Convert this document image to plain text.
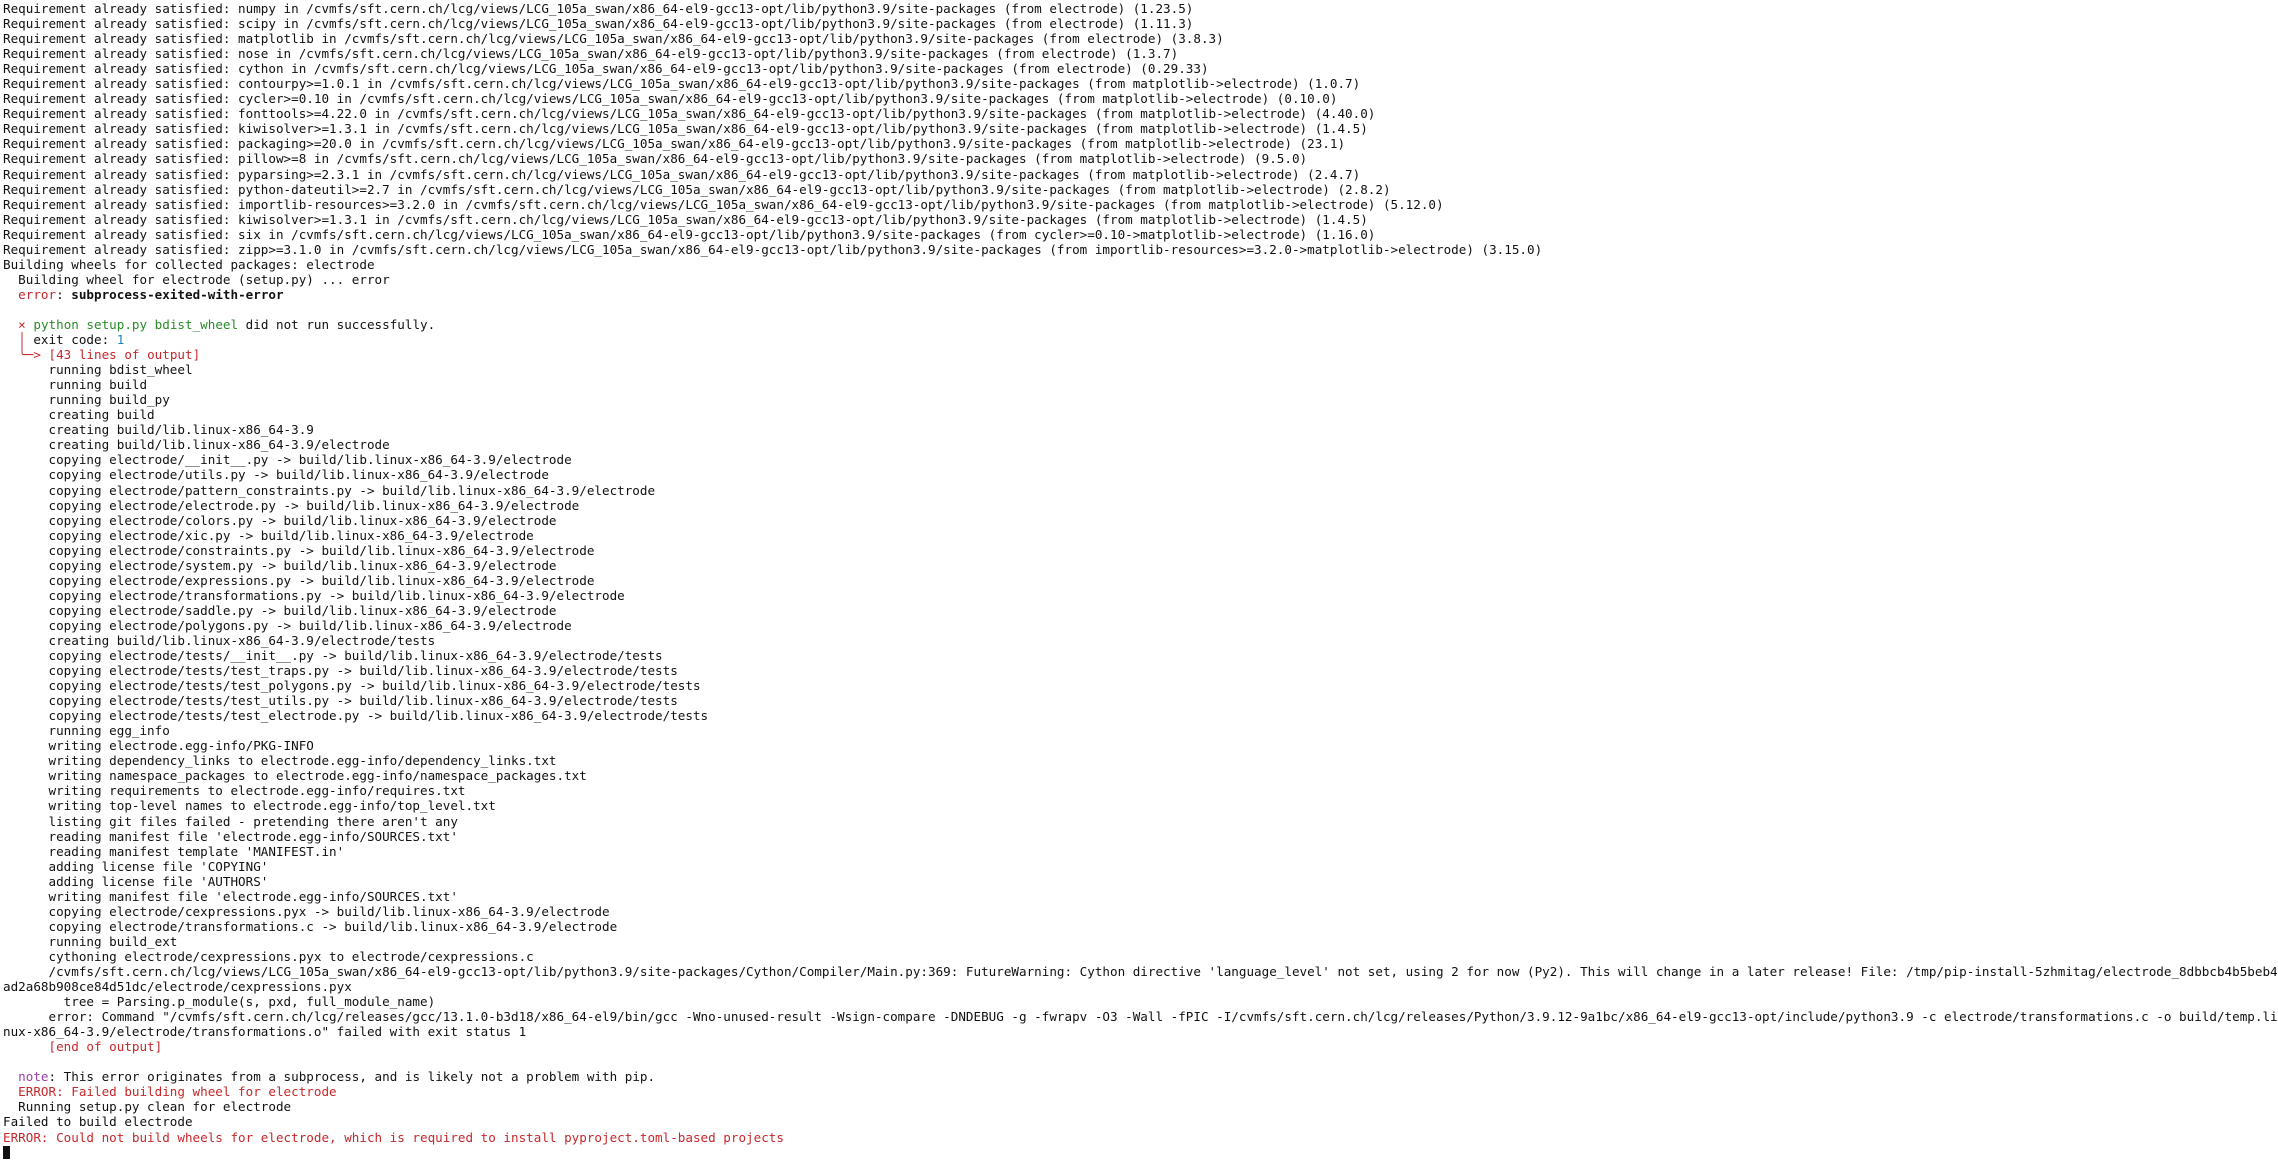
Requirement already satisfied: numpy in /cvmfs/sft.cern.ch/lcg/views/LCG_105a_swan/x86_64-el9-gcc13-opt/lib/python3.9/site-packages (from electrode) (1.23.5)
Requirement already satisfied: scipy in /cvmfs/sft.cern.ch/lcg/views/LCG_105a_swan/x86_64-el9-gcc13-opt/lib/python3.9/site-packages (from electrode) (1.11.3)
Requirement already satisfied: matplotlib in /cvmfs/sft.cern.ch/lcg/views/LCG_105a_swan/x86_64-el9-gcc13-opt/lib/python3.9/site-packages (from electrode) (3.8.3)
Requirement already satisfied: nose in /cvmfs/sft.cern.ch/lcg/views/LCG_105a_swan/x86_64-el9-gcc13-opt/lib/python3.9/site-packages (from electrode) (1.3.7)
Requirement already satisfied: cython in /cvmfs/sft.cern.ch/lcg/views/LCG_105a_swan/x86_64-el9-gcc13-opt/lib/python3.9/site-packages (from electrode) (0.29.33)
Requirement already satisfied: contourpy>=1.0.1 in /cvmfs/sft.cern.ch/lcg/views/LCG_105a_swan/x86_64-el9-gcc13-opt/lib/python3.9/site-packages (from matplotlib->electrode) (1.0.7)
Requirement already satisfied: cycler>=0.10 in /cvmfs/sft.cern.ch/lcg/views/LCG_105a_swan/x86_64-el9-gcc13-opt/lib/python3.9/site-packages (from matplotlib->electrode) (0.10.0)
Requirement already satisfied: fonttools>=4.22.0 in /cvmfs/sft.cern.ch/lcg/views/LCG_105a_swan/x86_64-el9-gcc13-opt/lib/python3.9/site-packages (from matplotlib->electrode) (4.40.0)
Requirement already satisfied: kiwisolver>=1.3.1 in /cvmfs/sft.cern.ch/lcg/views/LCG_105a_swan/x86_64-el9-gcc13-opt/lib/python3.9/site-packages (from matplotlib->electrode) (1.4.5)
Requirement already satisfied: packaging>=20.0 in /cvmfs/sft.cern.ch/lcg/views/LCG_105a_swan/x86_64-el9-gcc13-opt/lib/python3.9/site-packages (from matplotlib->electrode) (23.1)
Requirement already satisfied: pillow>=8 in /cvmfs/sft.cern.ch/lcg/views/LCG_105a_swan/x86_64-el9-gcc13-opt/lib/python3.9/site-packages (from matplotlib->electrode) (9.5.0)
Requirement already satisfied: pyparsing>=2.3.1 in /cvmfs/sft.cern.ch/lcg/views/LCG_105a_swan/x86_64-el9-gcc13-opt/lib/python3.9/site-packages (from matplotlib->electrode) (2.4.7)
Requirement already satisfied: python-dateutil>=2.7 in /cvmfs/sft.cern.ch/lcg/views/LCG_105a_swan/x86_64-el9-gcc13-opt/lib/python3.9/site-packages (from matplotlib->electrode) (2.8.2)
Requirement already satisfied: importlib-resources>=3.2.0 in /cvmfs/sft.cern.ch/lcg/views/LCG_105a_swan/x86_64-el9-gcc13-opt/lib/python3.9/site-packages (from matplotlib->electrode) (5.12.0)
Requirement already satisfied: kiwisolver>=1.3.1 in /cvmfs/sft.cern.ch/lcg/views/LCG_105a_swan/x86_64-el9-gcc13-opt/lib/python3.9/site-packages (from matplotlib->electrode) (1.4.5)
Requirement already satisfied: six in /cvmfs/sft.cern.ch/lcg/views/LCG_105a_swan/x86_64-el9-gcc13-opt/lib/python3.9/site-packages (from cycler>=0.10->matplotlib->electrode) (1.16.0)
Requirement already satisfied: zipp>=3.1.0 in /cvmfs/sft.cern.ch/lcg/views/LCG_105a_swan/x86_64-el9-gcc13-opt/lib/python3.9/site-packages (from importlib-resources>=3.2.0->matplotlib->electrode) (3.15.0)
Building wheels for collected packages: electrode
Building wheel for electrode (setup.py) ... error
error: subprocess-exited-with-error
× python setup.py bdist_wheel did not run successfully.
│ exit code: 1
╰─> [43 lines of output]
running bdist_wheel
running build
running build_py
creating build
creating build/lib.linux-x86_64-3.9
creating build/lib.linux-x86_64-3.9/electrode
copying electrode/__init__.py -> build/lib.linux-x86_64-3.9/electrode
copying electrode/utils.py -> build/lib.linux-x86_64-3.9/electrode
copying electrode/pattern_constraints.py -> build/lib.linux-x86_64-3.9/electrode
copying electrode/electrode.py -> build/lib.linux-x86_64-3.9/electrode
copying electrode/colors.py -> build/lib.linux-x86_64-3.9/electrode
copying electrode/xic.py -> build/lib.linux-x86_64-3.9/electrode
copying electrode/constraints.py -> build/lib.linux-x86_64-3.9/electrode
copying electrode/system.py -> build/lib.linux-x86_64-3.9/electrode
copying electrode/expressions.py -> build/lib.linux-x86_64-3.9/electrode
copying electrode/transformations.py -> build/lib.linux-x86_64-3.9/electrode
copying electrode/saddle.py -> build/lib.linux-x86_64-3.9/electrode
copying electrode/polygons.py -> build/lib.linux-x86_64-3.9/electrode
creating build/lib.linux-x86_64-3.9/electrode/tests
copying electrode/tests/__init__.py -> build/lib.linux-x86_64-3.9/electrode/tests
copying electrode/tests/test_traps.py -> build/lib.linux-x86_64-3.9/electrode/tests
copying electrode/tests/test_polygons.py -> build/lib.linux-x86_64-3.9/electrode/tests
copying electrode/tests/test_utils.py -> build/lib.linux-x86_64-3.9/electrode/tests
copying electrode/tests/test_electrode.py -> build/lib.linux-x86_64-3.9/electrode/tests
running egg_info
writing electrode.egg-info/PKG-INFO
writing dependency_links to electrode.egg-info/dependency_links.txt
writing namespace_packages to electrode.egg-info/namespace_packages.txt
writing requirements to electrode.egg-info/requires.txt
writing top-level names to electrode.egg-info/top_level.txt
listing git files failed - pretending there aren't any
reading manifest file 'electrode.egg-info/SOURCES.txt'
reading manifest template 'MANIFEST.in'
adding license file 'COPYING'
adding license file 'AUTHORS'
writing manifest file 'electrode.egg-info/SOURCES.txt'
copying electrode/cexpressions.pyx -> build/lib.linux-x86_64-3.9/electrode
copying electrode/transformations.c -> build/lib.linux-x86_64-3.9/electrode
running build_ext
cythoning electrode/cexpressions.pyx to electrode/cexpressions.c
/cvmfs/sft.cern.ch/lcg/views/LCG_105a_swan/x86_64-el9-gcc13-opt/lib/python3.9/site-packages/Cython/Compiler/Main.py:369: FutureWarning: Cython directive 'language_level' not set, using 2 for now (Py2). This will change in a later release! File: /tmp/pip-install-5zhmitag/electrode_8dbbcb4b5beb4
ad2a68b908ce84d51dc/electrode/cexpressions.pyx
tree = Parsing.p_module(s, pxd, full_module_name)
error: Command "/cvmfs/sft.cern.ch/lcg/releases/gcc/13.1.0-b3d18/x86_64-el9/bin/gcc -Wno-unused-result -Wsign-compare -DNDEBUG -g -fwrapv -O3 -Wall -fPIC -I/cvmfs/sft.cern.ch/lcg/releases/Python/3.9.12-9a1bc/x86_64-el9-gcc13-opt/include/python3.9 -c electrode/transformations.c -o build/temp.li
nux-x86_64-3.9/electrode/transformations.o" failed with exit status 1
[end of output]
note: This error originates from a subprocess, and is likely not a problem with pip.
ERROR: Failed building wheel for electrode
Running setup.py clean for electrode
Failed to build electrode
ERROR: Could not build wheels for electrode, which is required to install pyproject.toml-based projects
